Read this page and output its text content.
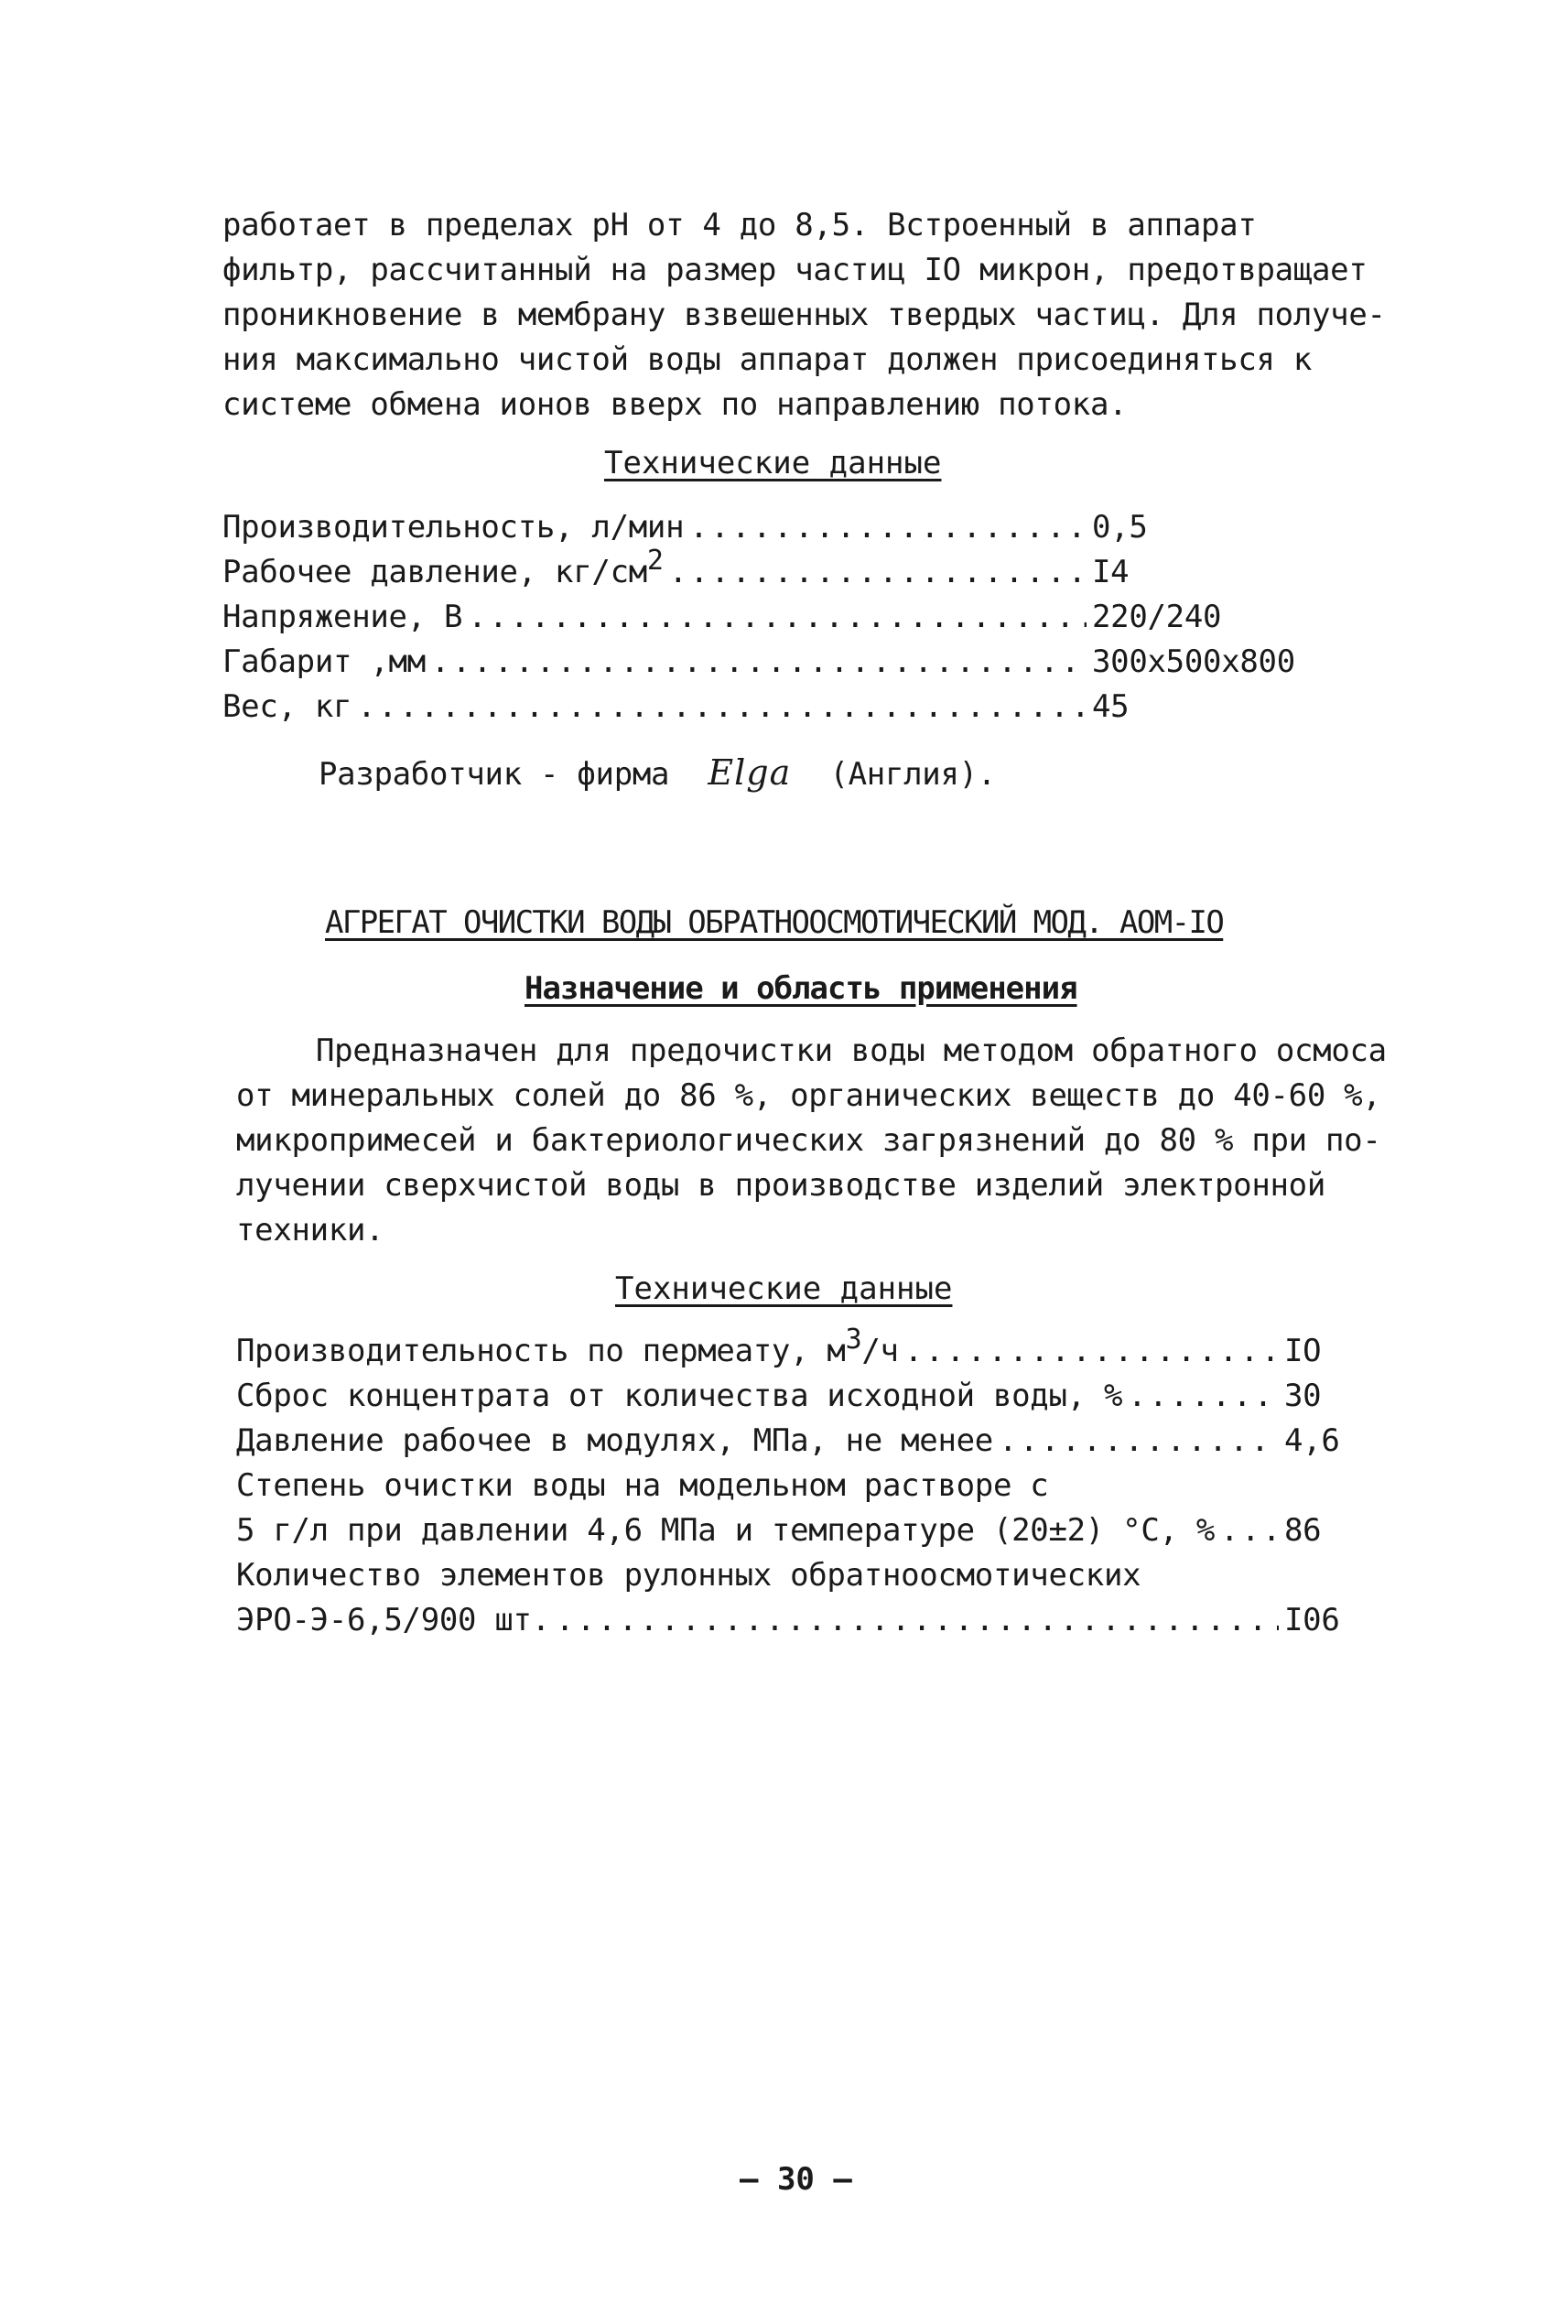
работает в пределах pH от 4 до 8,5. Встроенный в аппарат

фильтр, рассчитанный на размер частиц IO микрон, предотвращает

проникновение в мембрану взвешенных твердых частиц. Для получе-

ния максимально чистой воды аппарат должен присоединяться к

системе обмена ионов вверх по направлению потока.

Технические данные
Производительность, л/мин . . .	0,5
Рабочее давление, кг/см2 . . .	I4
Напряжение, В . . .	220/240
Габарит ,мм . . .	300x500x800
Вес, кг . . .	45

Разработчик - фирма Elga (Англия).

АГРЕГАТ ОЧИСТКИ ВОДЫ ОБРАТНООСМОТИЧЕСКИЙ МОД. АОМ-IO
Назначение и область применения

Предназначен для предочистки воды методом обратного осмоса

от минеральных солей до 86 %, органических веществ до 40-60 %,

микропримесей и бактериологических загрязнений до 80 % при по-

лучении сверхчистой воды в производстве изделий электронной

техники.

Технические данные
Производительность по пермеату, м3/ч . . .	IO
Сброс концентрата от количества исходной воды, % . . .	30
Давление рабочее в модулях, МПа, не менее . . .	4,6
Степень очистки воды на модельном растворе с
5 г/л при давлении 4,6 МПа и температуре (20±2) °С, % . . . 86
Количество элементов рулонных обратноосмотических
ЭРО-Э-6,5/900 шт. . . .	I06
— 30 —
